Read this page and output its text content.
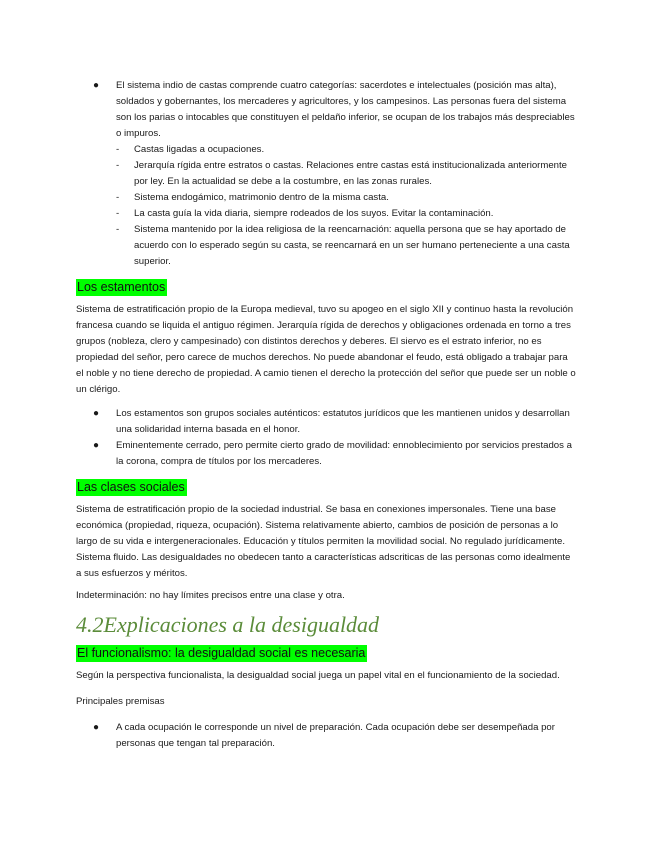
● El sistema indio de castas comprende cuatro categorías: sacerdotes e intelectuales (posición mas alta), soldados y gobernantes, los mercaderes y agricultores, y los campesinos. Las personas fuera del sistema son los parias o intocables que constituyen el peldaño inferior, se ocupan de los trabajos más despreciables o impuros.
- Castas ligadas a ocupaciones.
- Jerarquía rígida entre estratos o castas. Relaciones entre castas está institucionalizada anteriormente por ley. En la actualidad se debe a la costumbre, en las zonas rurales.
- Sistema endogámico, matrimonio dentro de la misma casta.
- La casta guía la vida diaria, siempre rodeados de los suyos. Evitar la contaminación.
- Sistema mantenido por la idea religiosa de la reencarnación: aquella persona que se hay aportado de acuerdo con lo esperado según su casta, se reencarnará en un ser humano perteneciente a una casta superior.
Los estamentos

Sistema de estratificación propio de la Europa medieval, tuvo su apogeo en el siglo XII y continuo hasta la revolución francesa cuando se liquida el antiguo régimen. Jerarquía rígida de derechos y obligaciones ordenada en torno a tres grupos (nobleza, clero y campesinado) con distintos derechos y deberes. El siervo es el estrato inferior, no es propiedad del señor, pero carece de muchos derechos. No puede abandonar el feudo, está obligado a trabajar para el noble y no tiene derecho de propiedad. A camio tienen el derecho la protección del señor que puede ser un noble o un clérigo.

● Los estamentos son grupos sociales auténticos: estatutos jurídicos que les mantienen unidos y desarrollan una solidaridad interna basada en el honor.
● Eminentemente cerrado, pero permite cierto grado de movilidad: ennoblecimiento por servicios prestados a la corona, compra de títulos por los mercaderes.
Las clases sociales

Sistema de estratificación propio de la sociedad industrial. Se basa en conexiones impersonales. Tiene una base económica (propiedad, riqueza, ocupación). Sistema relativamente abierto, cambios de posición de personas a lo largo de su vida e intergeneracionales. Educación y títulos permiten la movilidad social. No regulado jurídicamente. Sistema fluido. Las desigualdades no obedecen tanto a características adscriticas de las personas como idealmente a sus esfuerzos y méritos.

Indeterminación: no hay límites precisos entre una clase y otra.

4.2Explicaciones a la desigualdad
El funcionalismo: la desigualdad social es necesaria

Según la perspectiva funcionalista, la desigualdad social juega un papel vital en el funcionamiento de la sociedad.

Principales premisas

● A cada ocupación le corresponde un nivel de preparación. Cada ocupación debe ser desempeñada por personas que tengan tal preparación.
